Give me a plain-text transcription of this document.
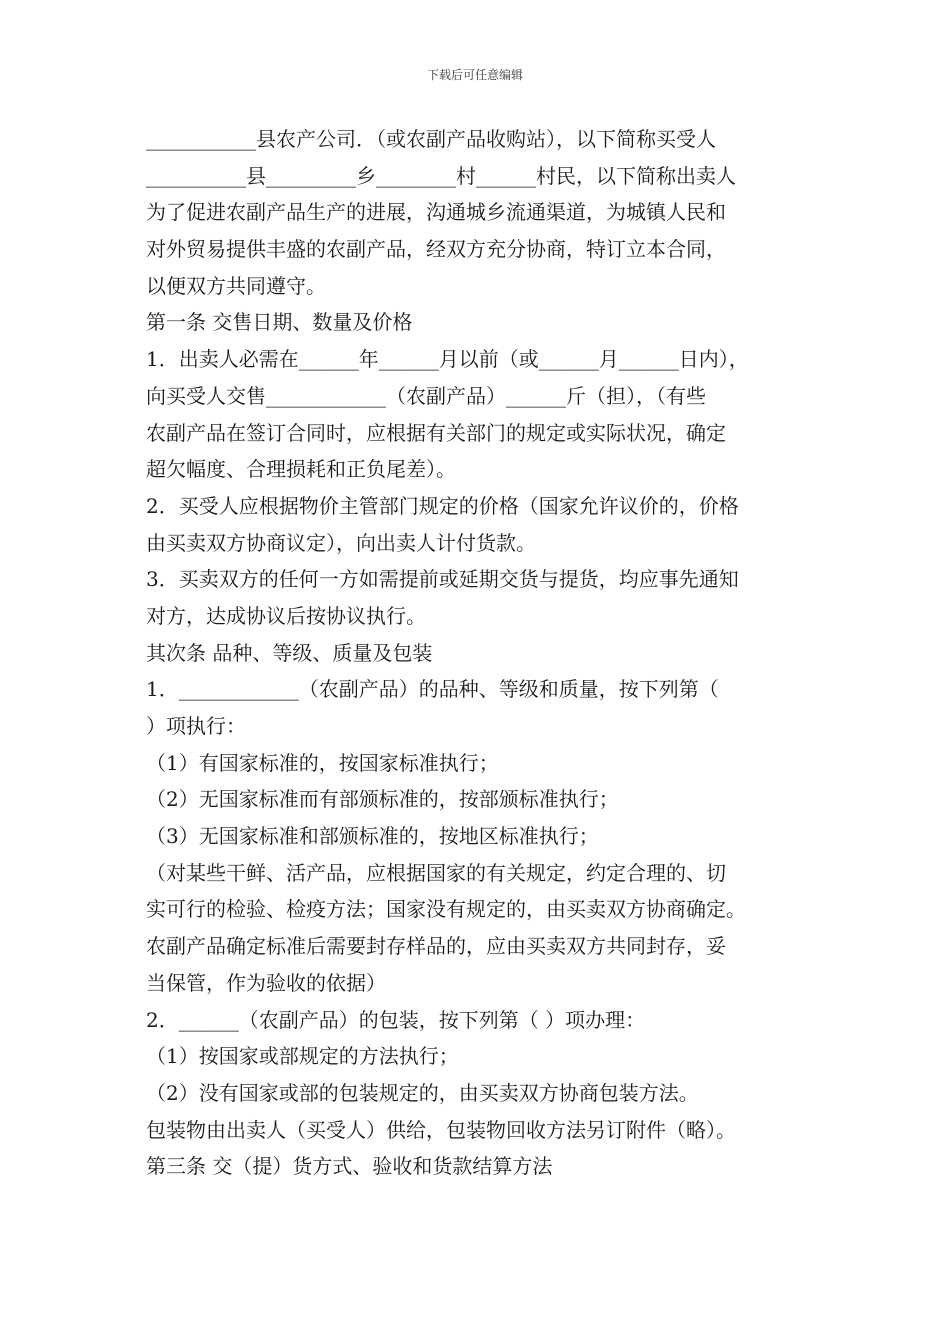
下载后可任意编辑
___________县农产公司．（或农副产品收购站），以下简称买受人
__________县_________乡________村______村民，以下简称出卖人
为了促进农副产品生产的进展，沟通城乡流通渠道，为城镇人民和
对外贸易提供丰盛的农副产品，经双方充分协商，特订立本合同，
以便双方共同遵守。
第一条 交售日期、数量及价格
1．出卖人必需在______年______月以前（或______月______日内），
向买受人交售____________（农副产品）______斤（担），（有些
农副产品在签订合同时，应根据有关部门的规定或实际状况，确定
超欠幅度、合理损耗和正负尾差）。
2．买受人应根据物价主管部门规定的价格（国家允许议价的，价格
由买卖双方协商议定），向出卖人计付货款。
3．买卖双方的任何一方如需提前或延期交货与提货，均应事先通知
对方，达成协议后按协议执行。
其次条 品种、等级、质量及包装
1．____________（农副产品）的品种、等级和质量，按下列第（
）项执行：
（1）有国家标准的，按国家标准执行；
（2）无国家标准而有部颁标准的，按部颁标准执行；
（3）无国家标准和部颁标准的，按地区标准执行；
（对某些干鲜、活产品，应根据国家的有关规定，约定合理的、切
实可行的检验、检疫方法；国家没有规定的，由买卖双方协商确定。
农副产品确定标准后需要封存样品的，应由买卖双方共同封存，妥
当保管，作为验收的依据）
2．______（农副产品）的包装，按下列第（ ）项办理：
（1）按国家或部规定的方法执行；
（2）没有国家或部的包装规定的，由买卖双方协商包装方法。
包装物由出卖人（买受人）供给，包装物回收方法另订附件（略）。
第三条 交（提）货方式、验收和货款结算方法
